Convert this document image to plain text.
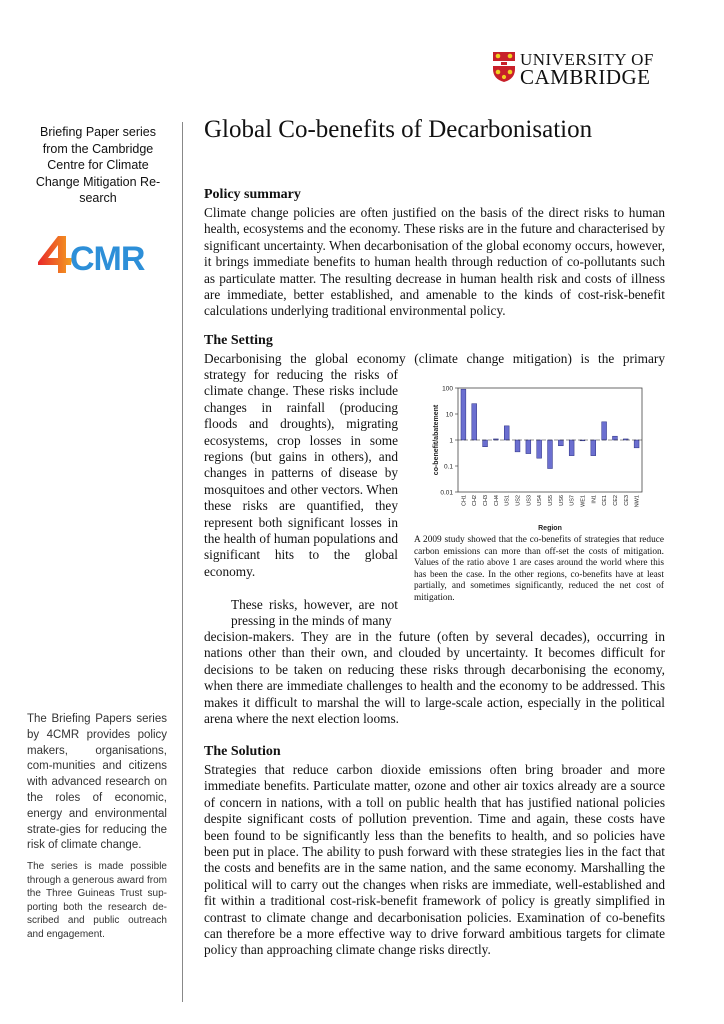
UNIVERSITY OF
CAMBRIDGE
Briefing Paper series from the Cambridge Centre for Climate Change Mitigation Re-search
CMR
The Briefing Papers series by 4CMR provides policy makers, organisations, com-munities and citizens with advanced research on the roles of economic, energy and environmental strate-gies for reducing the risk of climate change.
The series is made possible through a generous award from the Three Guineas Trust sup-porting both the research de-scribed and public outreach and engagement.
Global Co-benefits of Decarbonisation
Policy summary

Climate change policies are often justified on the basis of the direct risks to human health, ecosystems and the economy. These risks are in the future and characterised by significant uncertainty. When decarbonisation of the global economy occurs, however, it brings immediate benefits to human health through reduction of co-pollutants such as particulate matter. The resulting decrease in human health risk and costs of illness are immediate, better established, and amenable to the kinds of cost-risk-benefit calculations underlying traditional environmental policy.

The Setting
Decarbonising the global economy (climate change mitigation) is the primary
strategy for reducing the risks of climate change. These risks include changes in rainfall (producing floods and droughts), migrating ecosystems, crop losses in some regions (but gains in others), and changes in patterns of disease by mosquitoes and other vectors. When these risks are quantified, they represent both significant losses in the health of human populations and significant hits to the global economy.
These risks, however, are not pressing in the minds of many
decision-makers. They are in the future (often by several decades), occurring in nations other than their own, and clouded by uncertainty. It becomes difficult for decisions to be taken on reducing these risks through decarbonising the economy, when there are immediate challenges to health and the economy to be addressed. This makes it difficult to marshal the will to large-scale action, especially in the political arena where the next election looms.
100
10
1
0.1
0.01
co-benefit/abatement
CH1 CH2 CH3 CH4 US1 US2 US3 US4 US5 US6 US7 WE1 IN1 CE1 CE2 CE3 NW1
Region
A 2009 study showed that the co-benefits of strategies that reduce carbon emissions can more than off-set the costs of mitigation. Values of the ratio above 1 are cases around the world where this has been the case. In the other regions, co-benefits have at least partially, and sometimes significantly, reduced the net cost of mitigation.
The Solution
Strategies that reduce carbon dioxide emissions often bring broader and more immediate benefits. Particulate matter, ozone and other air toxics already are a source of concern in nations, with a toll on public health that has justified national policies despite significant costs of pollution prevention. Time and again, these costs have been found to be significantly less than the benefits to health, and so policies have been put in place. The ability to push forward with these strategies lies in the fact that the costs and benefits are in the same nation, and the same economy. Marshalling the political will to carry out the changes when risks are immediate, well-established and fit within a traditional cost-risk-benefit framework of policy is greatly simplified in contrast to climate change and decarbonisation policies. Examination of co-benefits can therefore be a more effective way to drive forward ambitious targets for climate policy than approaching climate change risks directly.
